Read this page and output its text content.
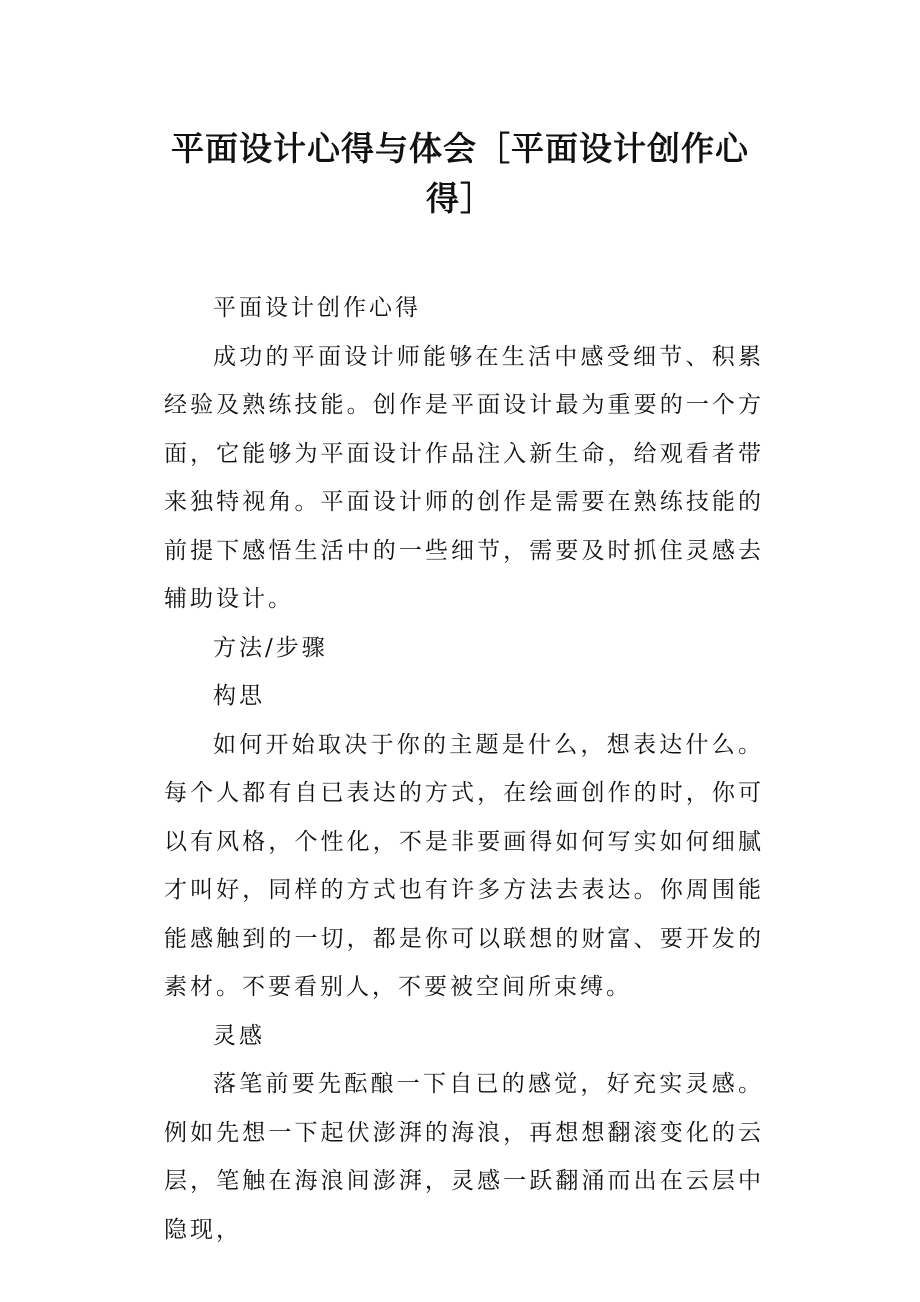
平面设计心得与体会［平面设计创作心得］

平面设计创作心得

成功的平面设计师能够在生活中感受细节、积累经验及熟练技能。创作是平面设计最为重要的一个方面，它能够为平面设计作品注入新生命，给观看者带来独特视角。平面设计师的创作是需要在熟练技能的前提下感悟生活中的一些细节，需要及时抓住灵感去辅助设计。

方法/步骤

构思

如何开始取决于你的主题是什么，想表达什么。每个人都有自已表达的方式，在绘画创作的时，你可以有风格，个性化，不是非要画得如何写实如何细腻才叫好，同样的方式也有许多方法去表达。你周围能能感触到的一切，都是你可以联想的财富、要开发的素材。不要看别人，不要被空间所束缚。

灵感

落笔前要先酝酿一下自已的感觉，好充实灵感。例如先想一下起伏澎湃的海浪，再想想翻滚变化的云层，笔触在海浪间澎湃，灵感一跃翻涌而出在云层中隐现，
